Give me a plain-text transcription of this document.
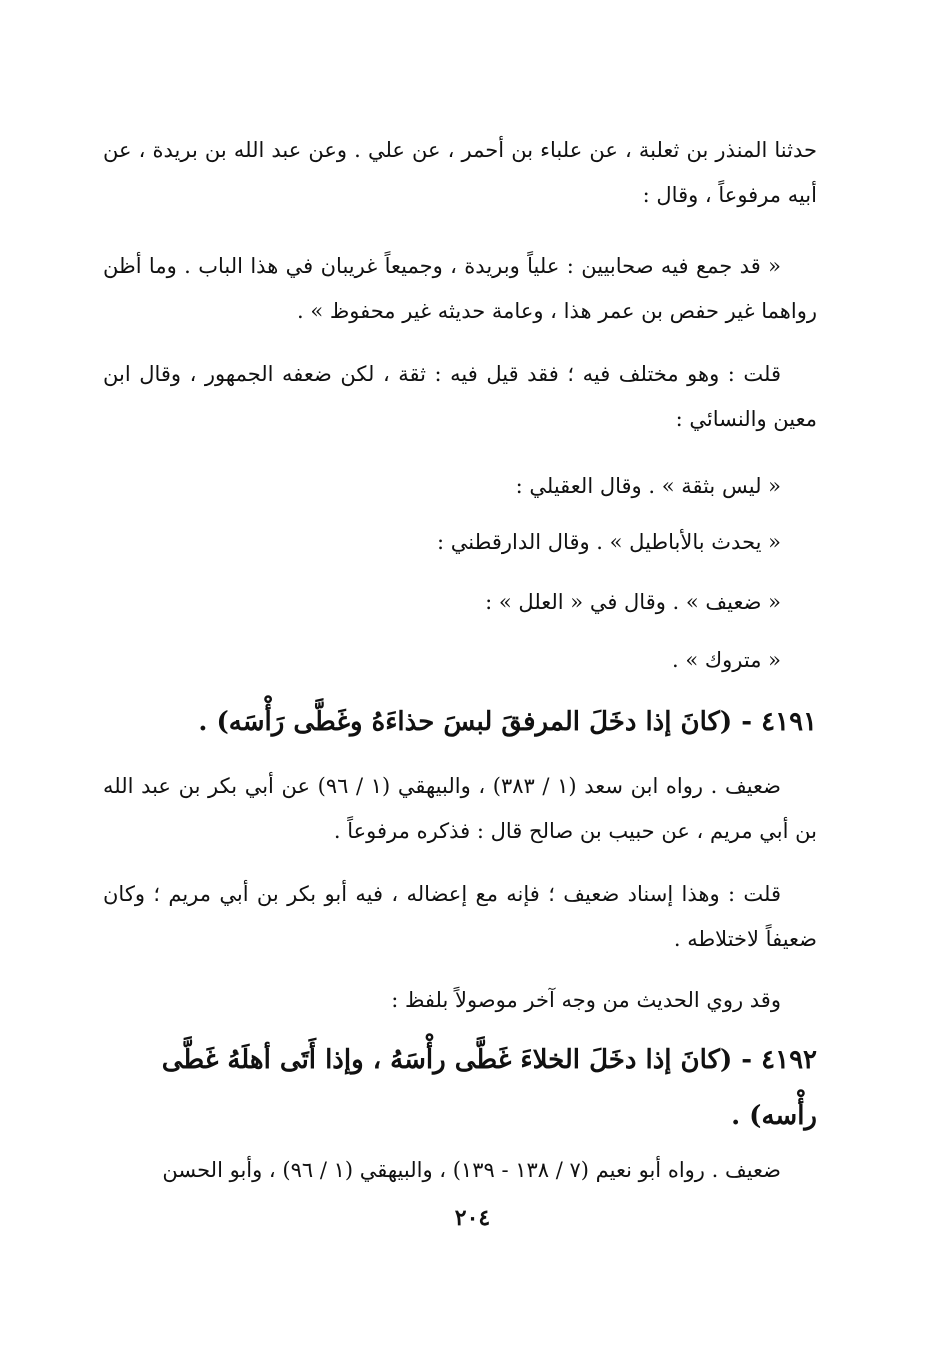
حدثنا المنذر بن ثعلبة ، عن علباء بن أحمر ، عن علي . وعن عبد الله بن بريدة ، عن أبيه مرفوعاً ، وقال :

« قد جمع فيه صحابيين : علياً وبريدة ، وجميعاً غريبان في هذا الباب . وما أظن رواهما غير حفص بن عمر هذا ، وعامة حديثه غير محفوظ » .

قلت : وهو مختلف فيه ؛ فقد قيل فيه : ثقة ، لكن ضعفه الجمهور ، وقال ابن معين والنسائي :

« ليس بثقة » . وقال العقيلي :

« يحدث بالأباطيل » . وقال الدارقطني :

« ضعيف » . وقال في « العلل » :

« متروك » .

٤١٩١ - (كانَ إذا دخَلَ المرفقَ لبسَ حذاءَهُ وغَطَّى رَأْسَه) .

ضعيف . رواه ابن سعد (١ / ٣٨٣) ، والبيهقي (١ / ٩٦) عن أبي بكر بن عبد الله بن أبي مريم ، عن حبيب بن صالح قال : فذكره مرفوعاً .

قلت : وهذا إسناد ضعيف ؛ فإنه مع إعضاله ، فيه أبو بكر بن أبي مريم ؛ وكان ضعيفاً لاختلاطه .

وقد روي الحديث من وجه آخر موصولاً بلفظ :

٤١٩٢ - (كانَ إذا دخَلَ الخلاءَ غَطَّى رأْسَهُ ، وإذا أَتَى أهلَهُ غَطَّى رأْسه) .

ضعيف . رواه أبو نعيم (٧ / ١٣٨ - ١٣٩) ، والبيهقي (١ / ٩٦) ، وأبو الحسن

٢٠٤
